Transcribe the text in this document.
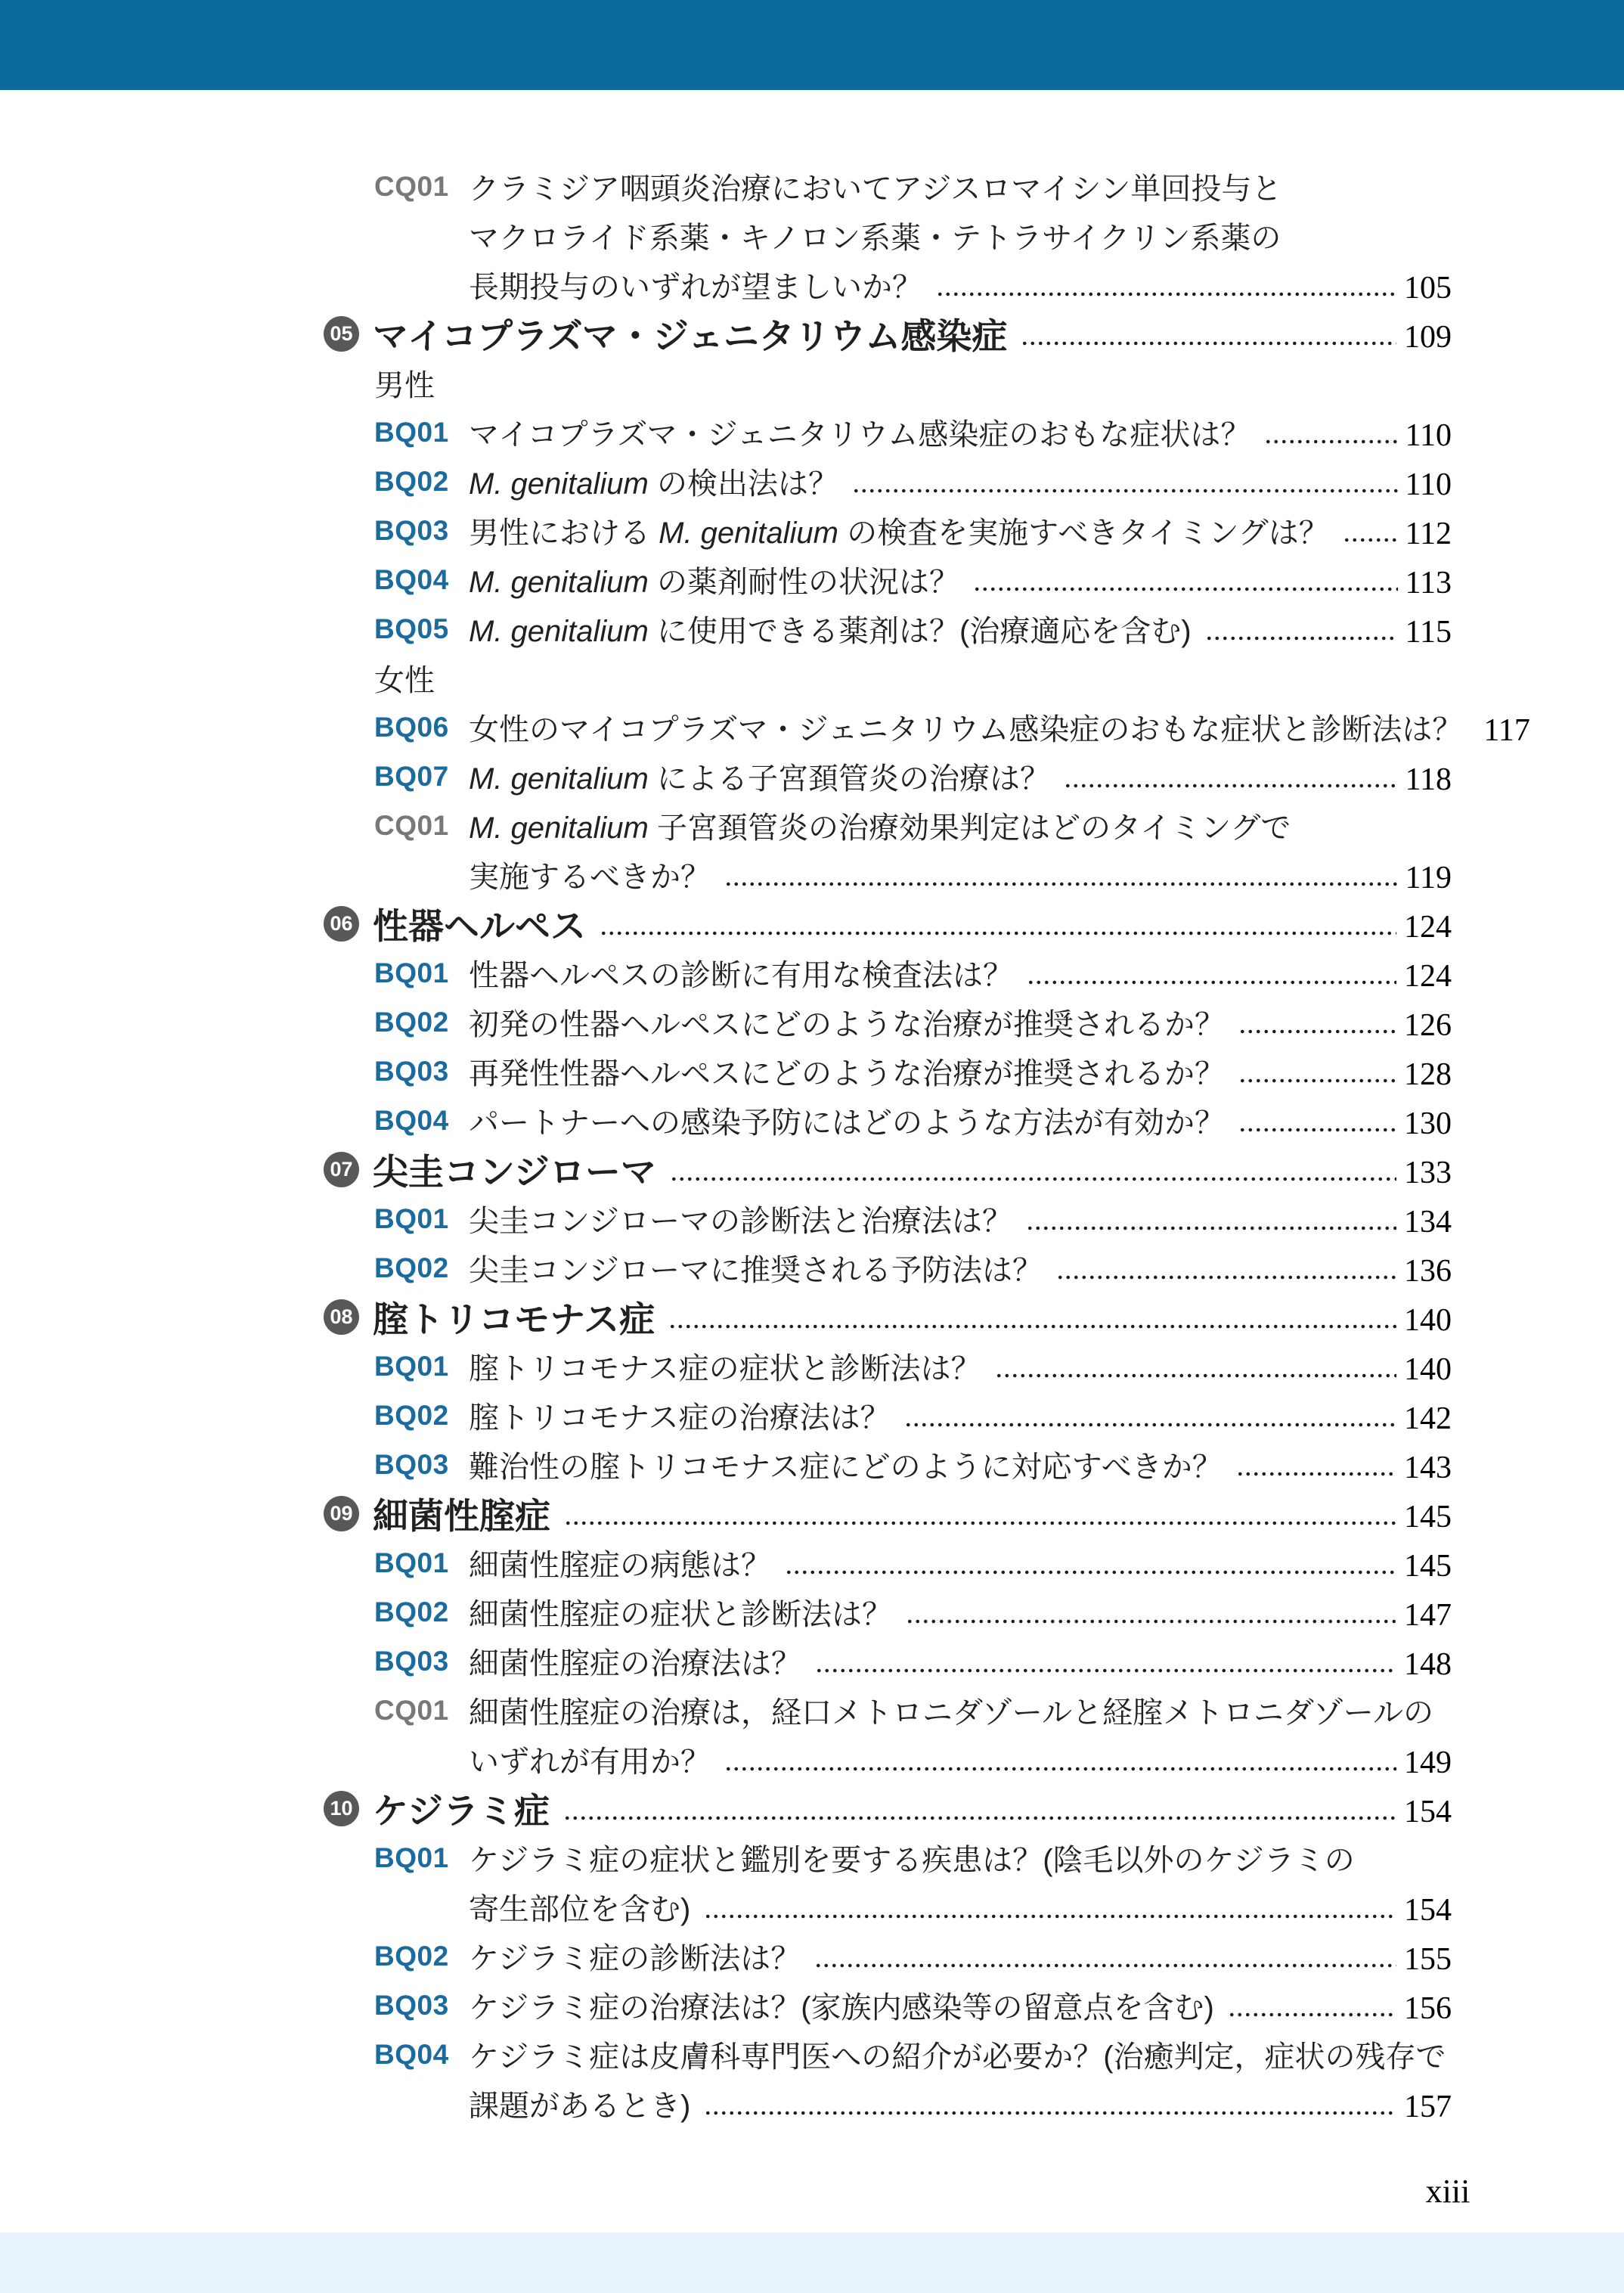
CQ01 クラミジア咽頭炎治療においてアジスロマイシン単回投与と
マクロライド系薬・キノロン系薬・テトラサイクリン系薬の
長期投与のいずれが望ましいか？	105
05 マイコプラズマ・ジェニタリウム感染症	109
男性
BQ01 マイコプラズマ・ジェニタリウム感染症のおもな症状は？	110
BQ02 M. genitalium の検出法は？	110
BQ03 男性における M. genitalium の検査を実施すべきタイミングは？ 112
BQ04 M. genitalium の薬剤耐性の状況は？	113
BQ05 M. genitalium に使用できる薬剤は？(治療適応を含む)	115
女性
BQ06 女性のマイコプラズマ・ジェニタリウム感染症のおもな症状と診断法は？ 117
BQ07 M. genitalium による子宮頚管炎の治療は？	118
CQ01 M. genitalium 子宮頚管炎の治療効果判定はどのタイミングで
実施するべきか？	119
06 性器ヘルペス	124
BQ01 性器ヘルペスの診断に有用な検査法は？	124
BQ02 初発の性器ヘルペスにどのような治療が推奨されるか？	126
BQ03 再発性性器ヘルペスにどのような治療が推奨されるか？	128
BQ04 パートナーへの感染予防にはどのような方法が有効か？	130
07 尖圭コンジローマ	133
BQ01 尖圭コンジローマの診断法と治療法は？	134
BQ02 尖圭コンジローマに推奨される予防法は？	136
08 腟トリコモナス症	140
BQ01 腟トリコモナス症の症状と診断法は？	140
BQ02 腟トリコモナス症の治療法は？	142
BQ03 難治性の腟トリコモナス症にどのように対応すべきか？	143
09 細菌性腟症	145
BQ01 細菌性腟症の病態は？	145
BQ02 細菌性腟症の症状と診断法は？	147
BQ03 細菌性腟症の治療法は？	148
CQ01 細菌性腟症の治療は，経口メトロニダゾールと経腟メトロニダゾールの
いずれが有用か？	149
10 ケジラミ症	154
BQ01 ケジラミ症の症状と鑑別を要する疾患は？(陰毛以外のケジラミの
寄生部位を含む)	154
BQ02 ケジラミ症の診断法は？	155
BQ03 ケジラミ症の治療法は？(家族内感染等の留意点を含む)	156
BQ04 ケジラミ症は皮膚科専門医への紹介が必要か？(治癒判定，症状の残存で
課題があるとき)	157
xiii
